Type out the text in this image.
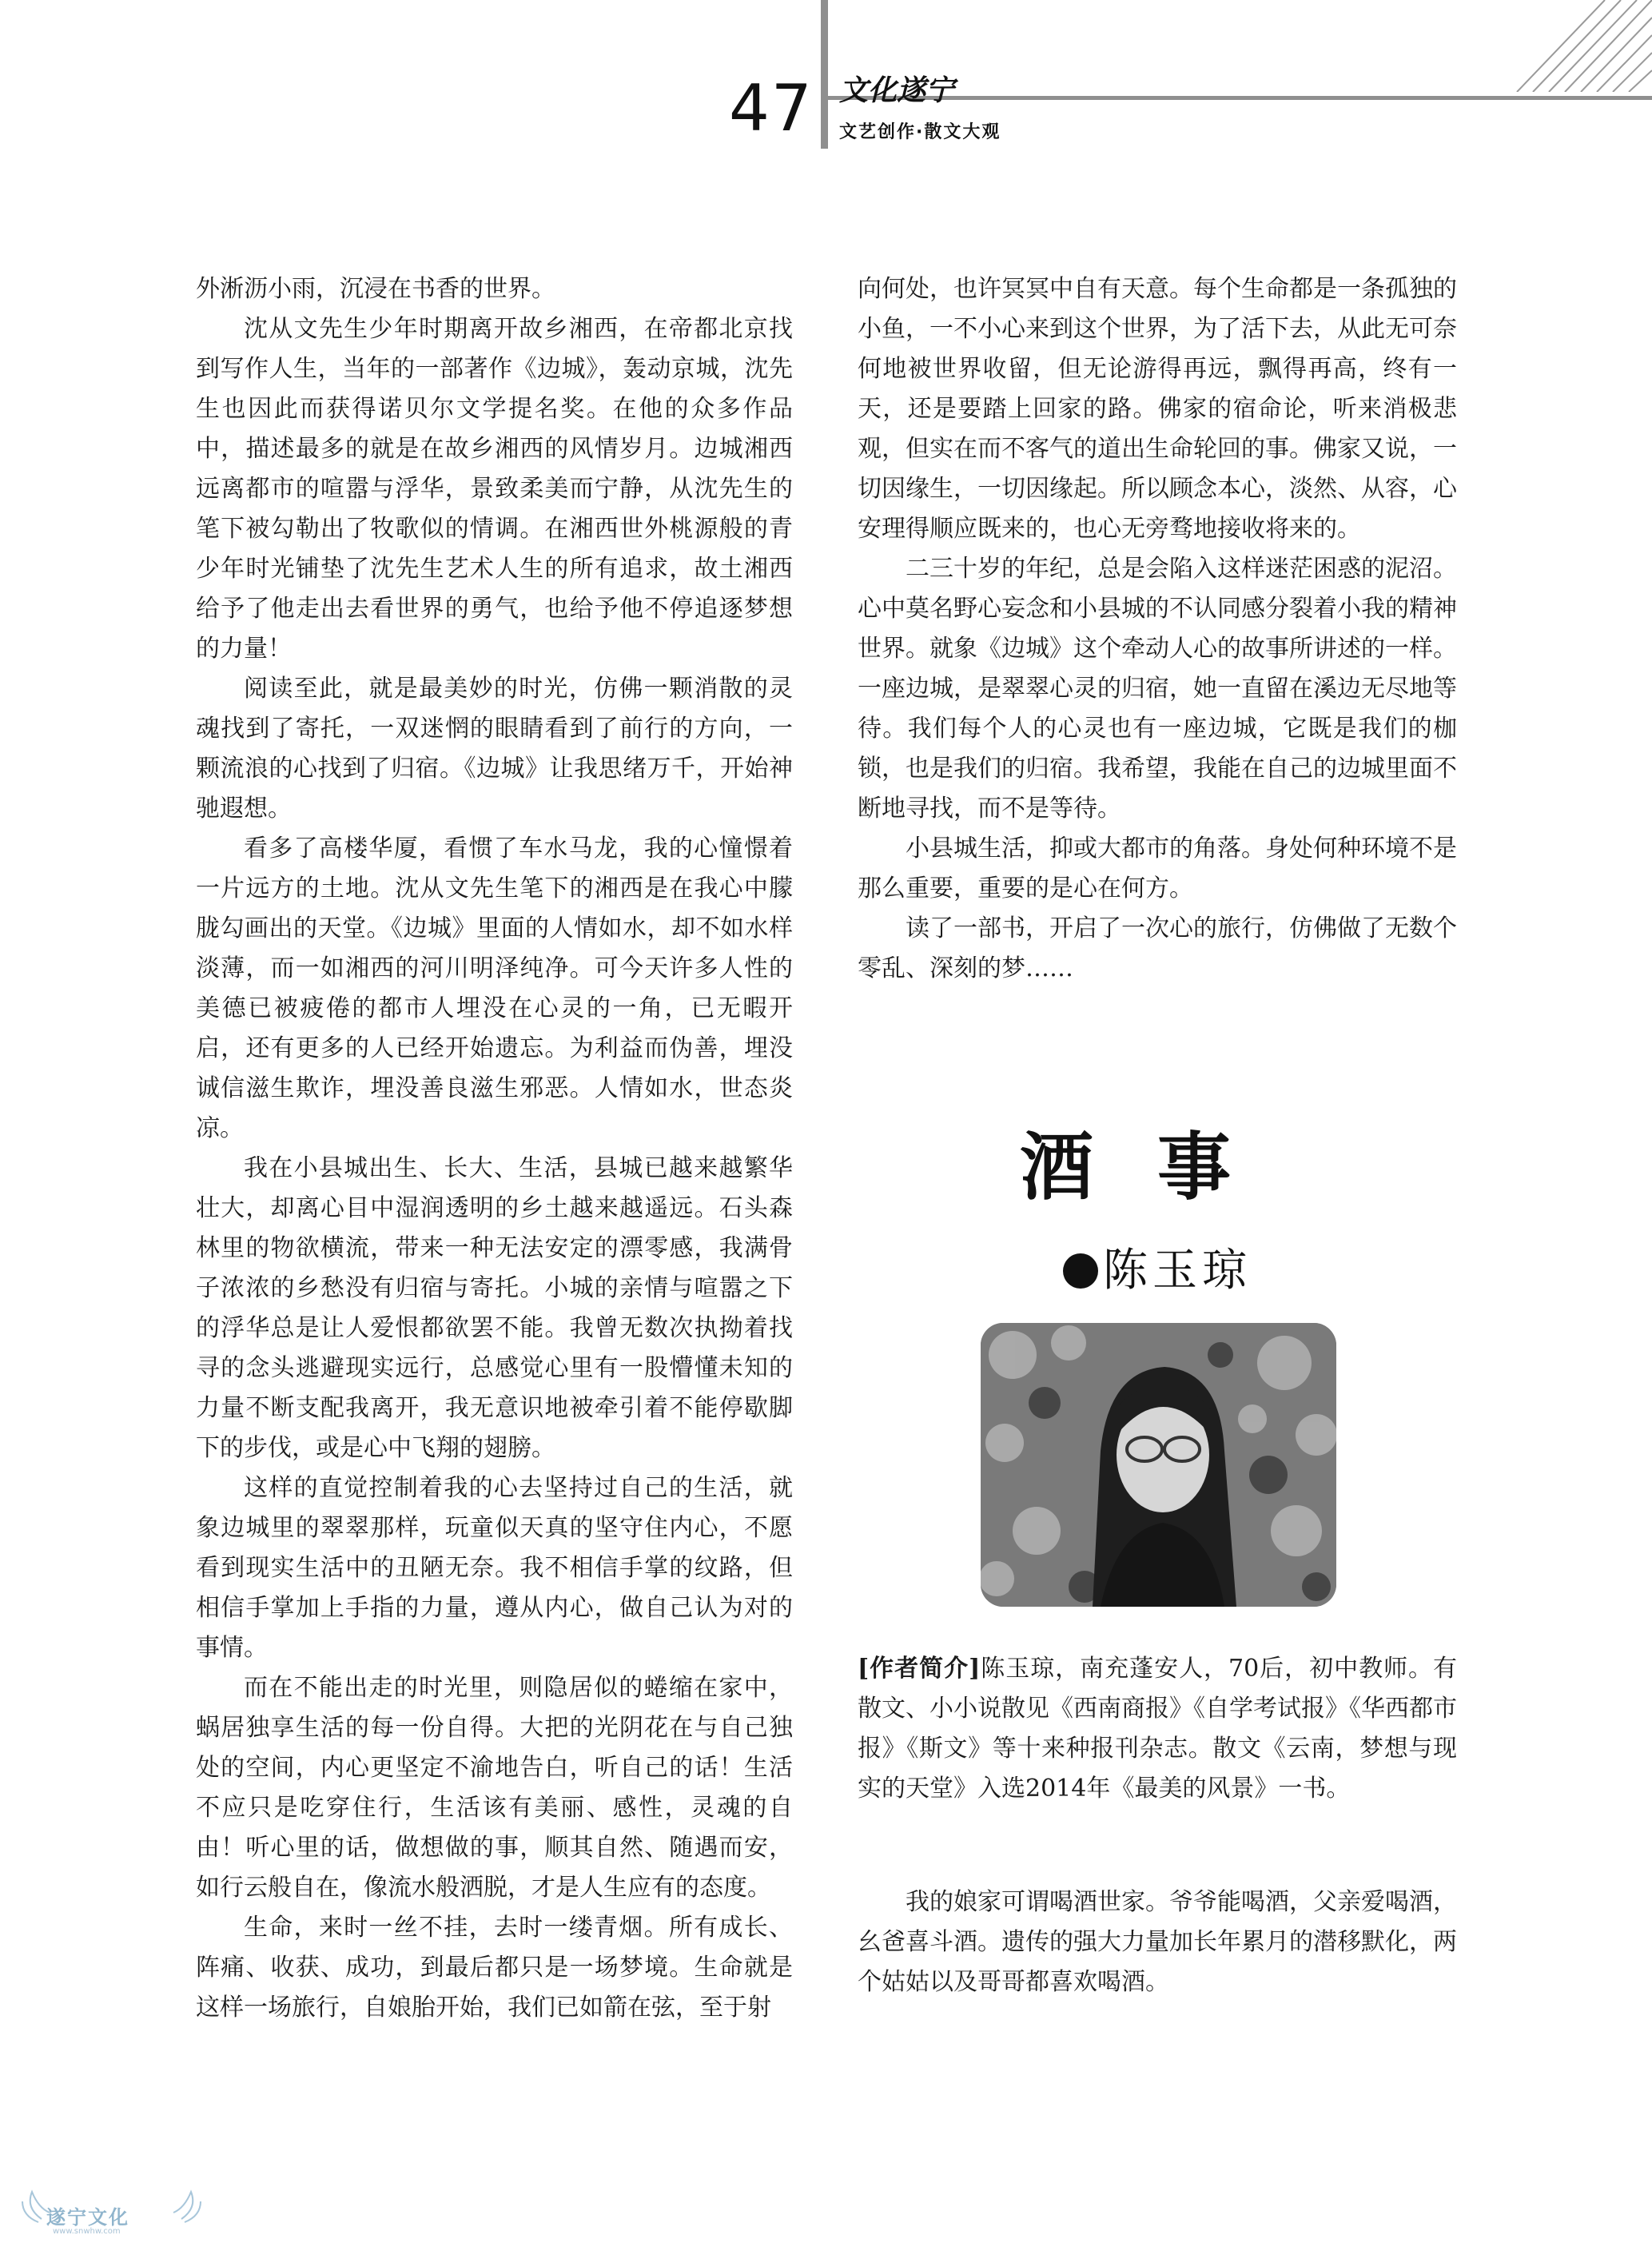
47 文化遂宁
文艺创作·散文大观

外淅沥小雨，沉浸在书香的世界。

沈从文先生少年时期离开故乡湘西，在帝都北京找到写作人生，当年的一部著作《边城》，轰动京城，沈先生也因此而获得诺贝尔文学提名奖。在他的众多作品中，描述最多的就是在故乡湘西的风情岁月。边城湘西远离都市的喧嚣与浮华，景致柔美而宁静，从沈先生的笔下被勾勒出了牧歌似的情调。在湘西世外桃源般的青少年时光铺垫了沈先生艺术人生的所有追求，故土湘西给予了他走出去看世界的勇气，也给予他不停追逐梦想的力量！

阅读至此，就是最美妙的时光，仿佛一颗消散的灵魂找到了寄托，一双迷惘的眼睛看到了前行的方向，一颗流浪的心找到了归宿。《边城》让我思绪万千，开始神驰遐想。

看多了高楼华厦，看惯了车水马龙，我的心憧憬着一片远方的土地。沈从文先生笔下的湘西是在我心中朦胧勾画出的天堂。《边城》里面的人情如水，却不如水样淡薄，而一如湘西的河川明泽纯净。可今天许多人性的美德已被疲倦的都市人埋没在心灵的一角，已无暇开启，还有更多的人已经开始遗忘。为利益而伪善，埋没诚信滋生欺诈，埋没善良滋生邪恶。人情如水，世态炎凉。

我在小县城出生、长大、生活，县城已越来越繁华壮大，却离心目中湿润透明的乡土越来越遥远。石头森林里的物欲横流，带来一种无法安定的漂零感，我满骨子浓浓的乡愁没有归宿与寄托。小城的亲情与喧嚣之下的浮华总是让人爱恨都欲罢不能。我曾无数次执拗着找寻的念头逃避现实远行，总感觉心里有一股懵懂未知的力量不断支配我离开，我无意识地被牵引着不能停歇脚下的步伐，或是心中飞翔的翅膀。

这样的直觉控制着我的心去坚持过自己的生活，就象边城里的翠翠那样，玩童似天真的坚守住内心，不愿看到现实生活中的丑陋无奈。我不相信手掌的纹路，但相信手掌加上手指的力量，遵从内心，做自己认为对的事情。

而在不能出走的时光里，则隐居似的蜷缩在家中，蜗居独享生活的每一份自得。大把的光阴花在与自己独处的空间，内心更坚定不渝地告白，听自己的话！生活不应只是吃穿住行，生活该有美丽、感性，灵魂的自由！听心里的话，做想做的事，顺其自然、随遇而安，如行云般自在，像流水般洒脱，才是人生应有的态度。

生命，来时一丝不挂，去时一缕青烟。所有成长、阵痛、收获、成功，到最后都只是一场梦境。生命就是这样一场旅行，自娘胎开始，我们已如箭在弦，至于射

向何处，也许冥冥中自有天意。每个生命都是一条孤独的小鱼，一不小心来到这个世界，为了活下去，从此无可奈何地被世界收留，但无论游得再远，飘得再高，终有一天，还是要踏上回家的路。佛家的宿命论，听来消极悲观，但实在而不客气的道出生命轮回的事。佛家又说，一切因缘生，一切因缘起。所以顾念本心，淡然、从容，心安理得顺应既来的，也心无旁骛地接收将来的。

二三十岁的年纪，总是会陷入这样迷茫困惑的泥沼。心中莫名野心妄念和小县城的不认同感分裂着小我的精神世界。就象《边城》这个牵动人心的故事所讲述的一样。一座边城，是翠翠心灵的归宿，她一直留在溪边无尽地等待。我们每个人的心灵也有一座边城，它既是我们的枷锁，也是我们的归宿。我希望，我能在自己的边城里面不断地寻找，而不是等待。

小县城生活，抑或大都市的角落。身处何种环境不是那么重要，重要的是心在何方。

读了一部书，开启了一次心的旅行，仿佛做了无数个零乱、深刻的梦……

酒事
陈玉琼
[作者简介]陈玉琼，南充蓬安人，70后，初中教师。有散文、小小说散见《西南商报》《自学考试报》《华西都市报》《斯文》等十来种报刊杂志。散文《云南，梦想与现实的天堂》入选2014年《最美的风景》一书。

我的娘家可谓喝酒世家。爷爷能喝酒，父亲爱喝酒，幺爸喜斗酒。遗传的强大力量加长年累月的潜移默化，两个姑姑以及哥哥都喜欢喝酒。

遂宁文化
www.snwhw.com
